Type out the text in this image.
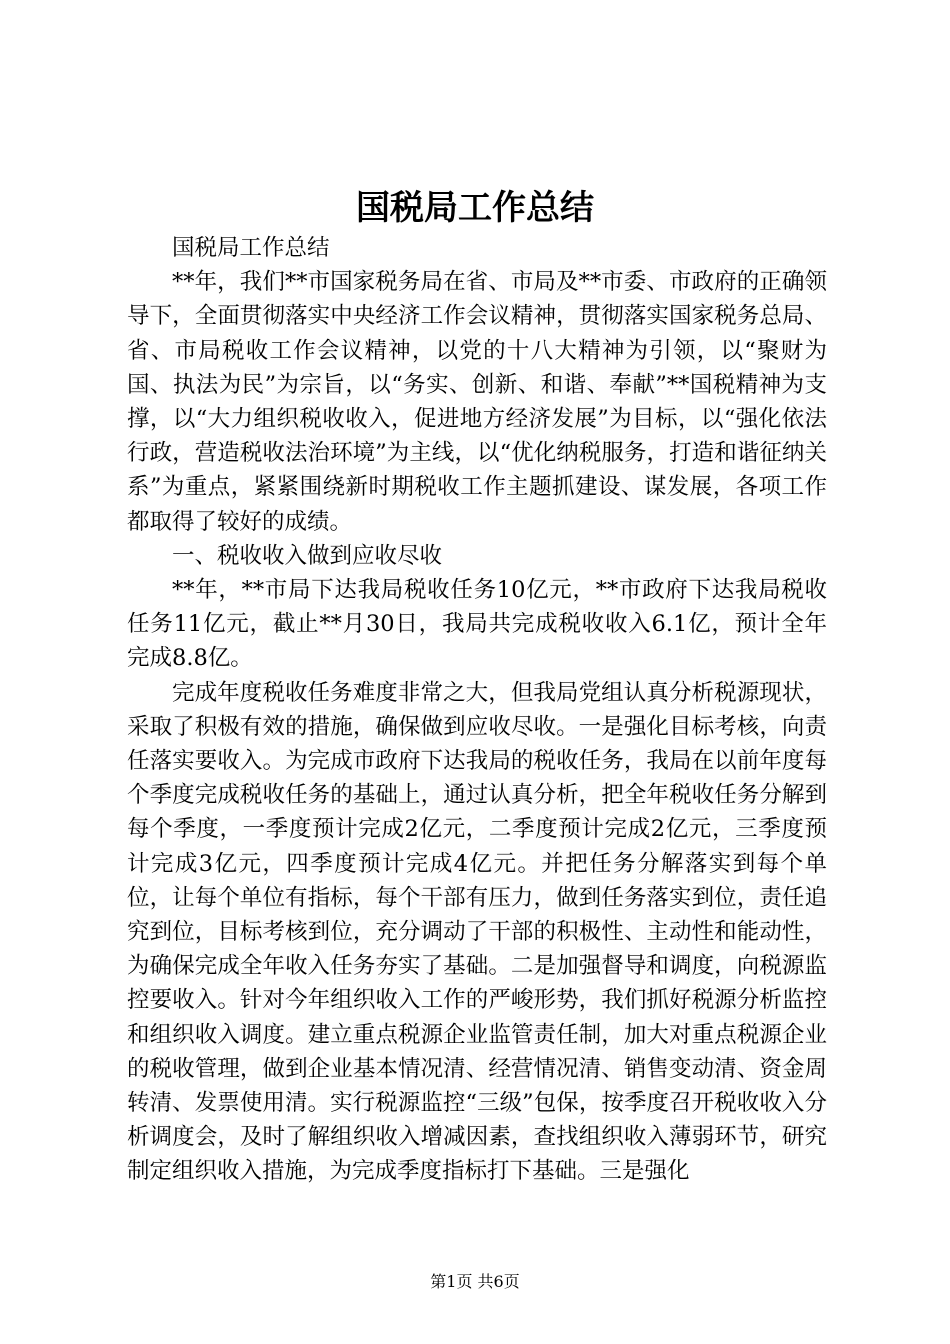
国税局工作总结

国税局工作总结

**年，我们**市国家税务局在省、市局及**市委、市政府的正确领导下，全面贯彻落实中央经济工作会议精神，贯彻落实国家税务总局、省、市局税收工作会议精神，以党的十八大精神为引领，以“聚财为国、执法为民”为宗旨，以“务实、创新、和谐、奉献”**国税精神为支撑，以“大力组织税收收入，促进地方经济发展”为目标，以“强化依法行政，营造税收法治环境”为主线，以“优化纳税服务，打造和谐征纳关系”为重点，紧紧围绕新时期税收工作主题抓建设、谋发展，各项工作都取得了较好的成绩。

一、税收收入做到应收尽收

**年，**市局下达我局税收任务10亿元，**市政府下达我局税收任务11亿元，截止**月30日，我局共完成税收收入6.1亿，预计全年完成8.8亿。

完成年度税收任务难度非常之大，但我局党组认真分析税源现状，采取了积极有效的措施，确保做到应收尽收。一是强化目标考核，向责任落实要收入。为完成市政府下达我局的税收任务，我局在以前年度每个季度完成税收任务的基础上，通过认真分析，把全年税收任务分解到每个季度，一季度预计完成2亿元，二季度预计完成2亿元，三季度预计完成3亿元，四季度预计完成4亿元。并把任务分解落实到每个单位，让每个单位有指标，每个干部有压力，做到任务落实到位，责任追究到位，目标考核到位，充分调动了干部的积极性、主动性和能动性，为确保完成全年收入任务夯实了基础。二是加强督导和调度，向税源监控要收入。针对今年组织收入工作的严峻形势，我们抓好税源分析监控和组织收入调度。建立重点税源企业监管责任制，加大对重点税源企业的税收管理，做到企业基本情况清、经营情况清、销售变动清、资金周转清、发票使用清。实行税源监控“三级”包保，按季度召开税收收入分析调度会，及时了解组织收入增减因素，查找组织收入薄弱环节，研究制定组织收入措施，为完成季度指标打下基础。三是强化

第1页 共6页
